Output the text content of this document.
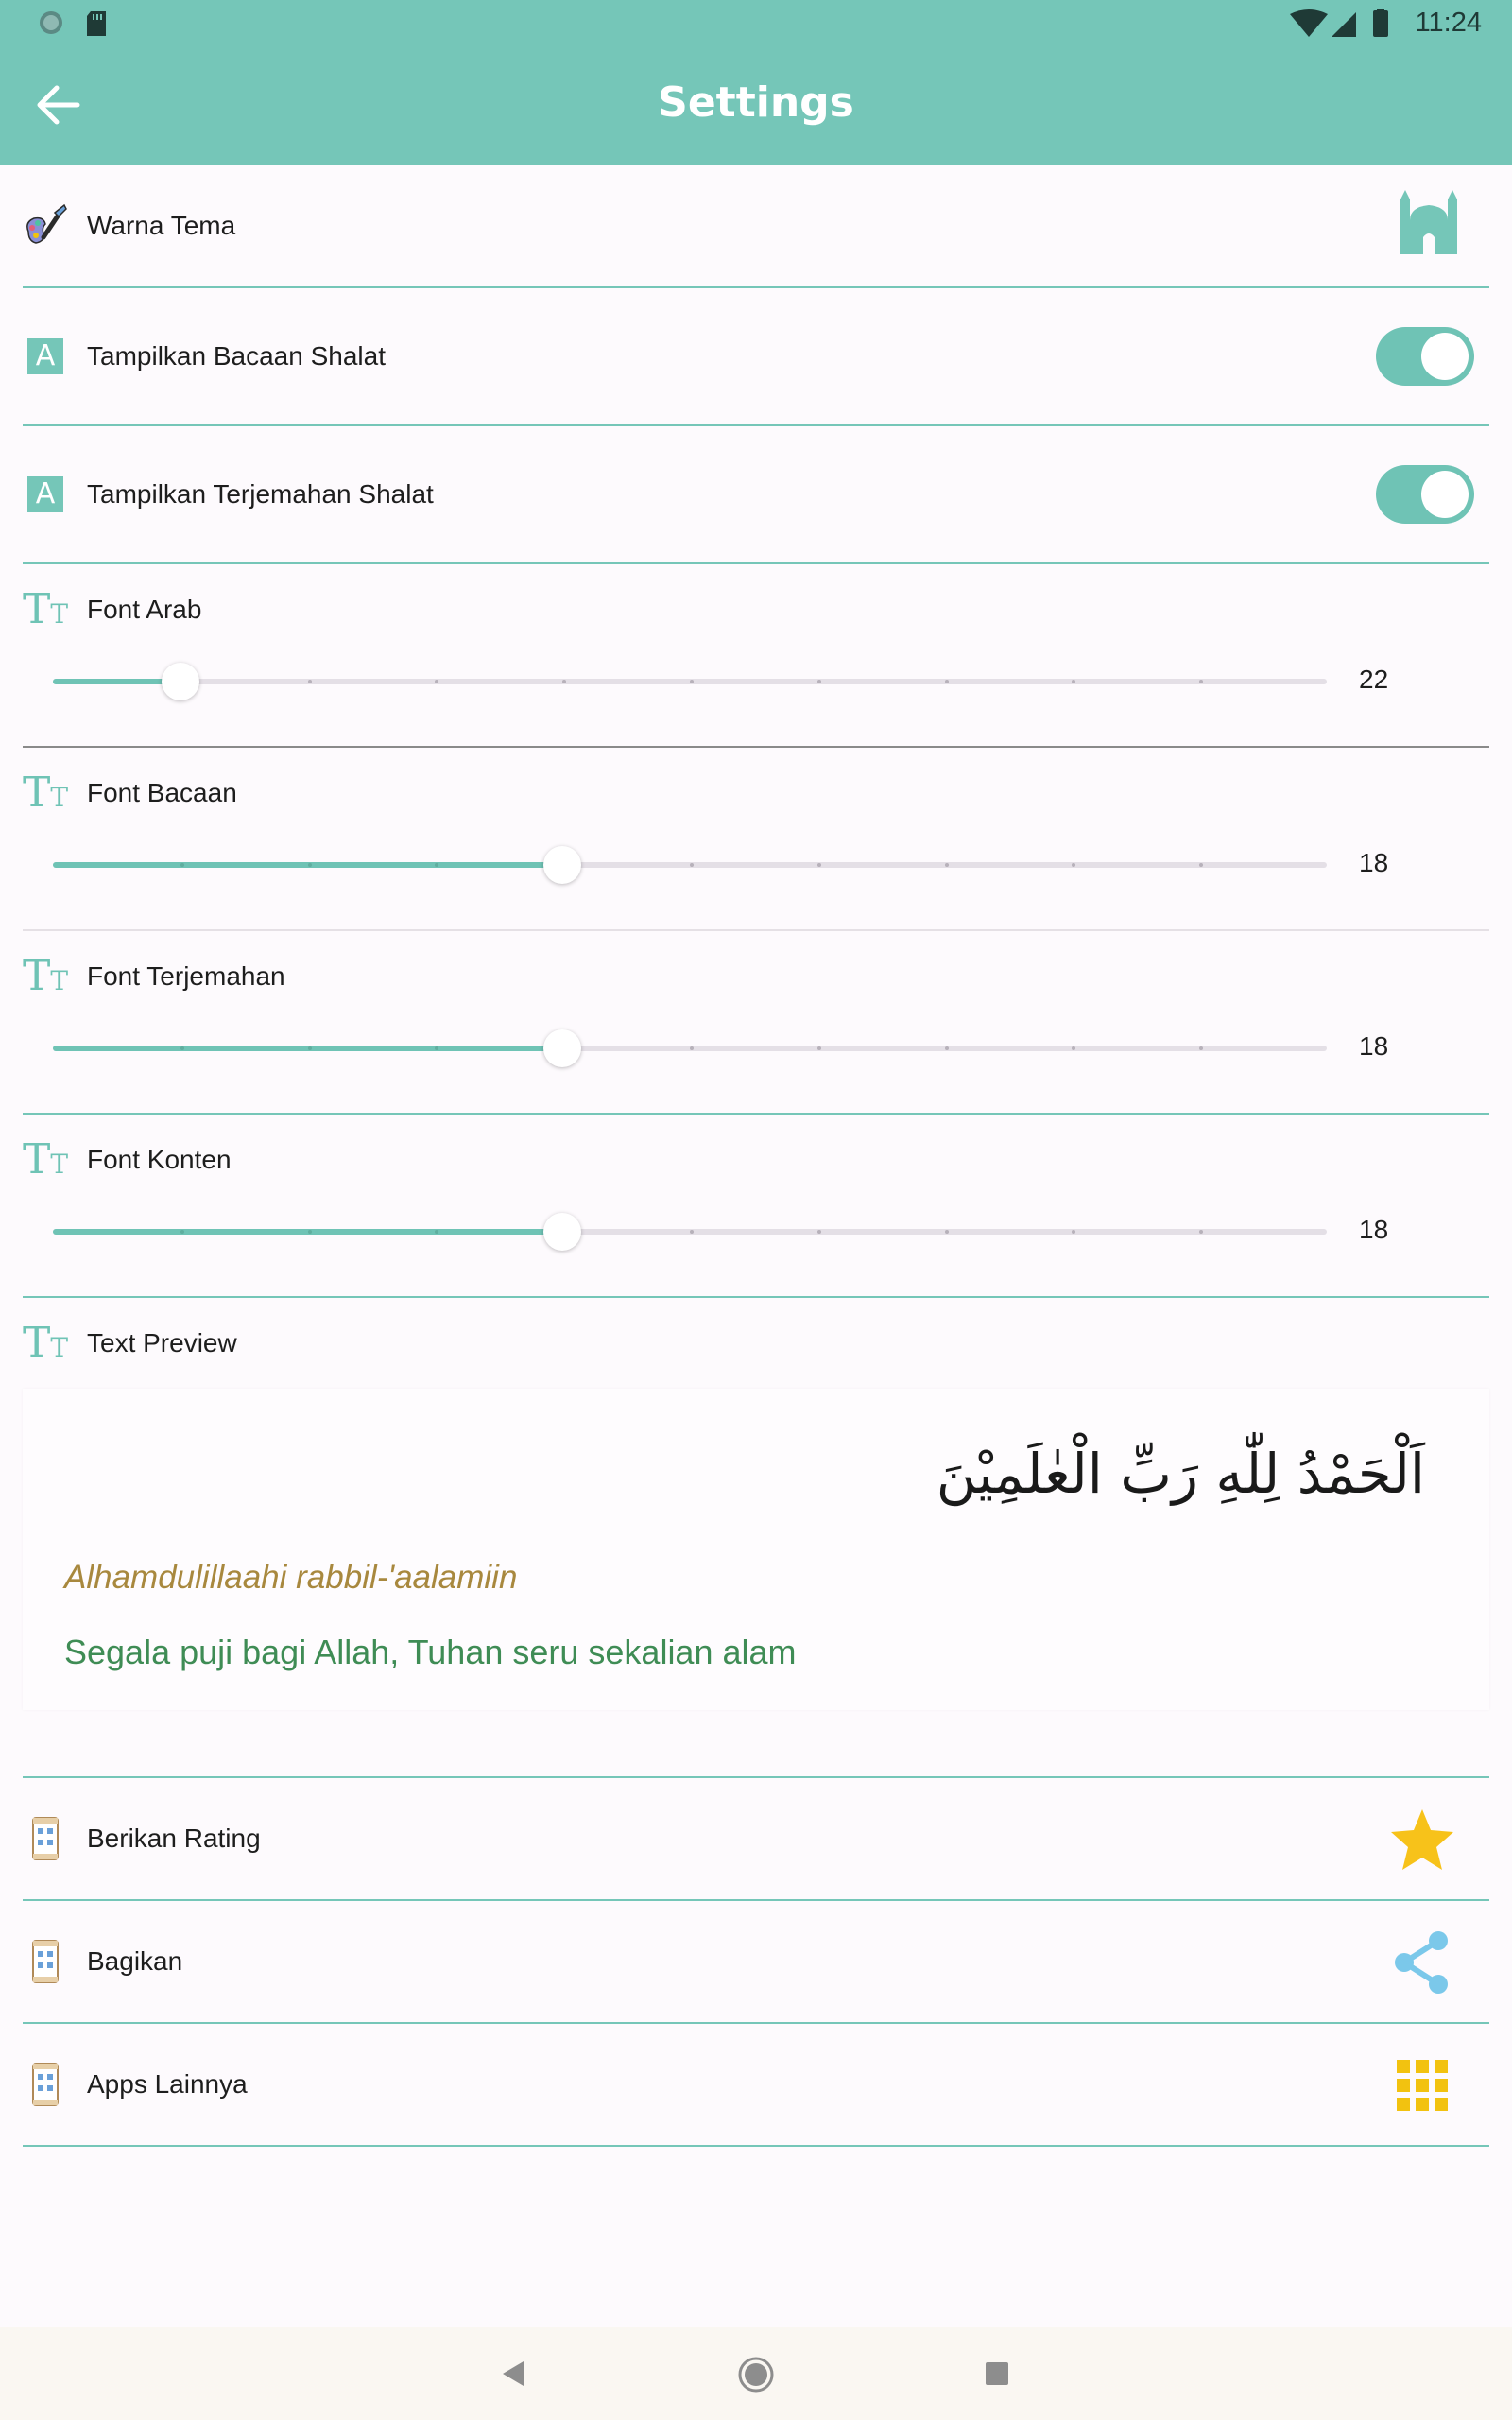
11:24
Settings
Warna Tema
A	Tampilkan Bacaan Shalat
A	Tampilkan Terjemahan Shalat
TT Font Arab
22
TT Font Bacaan
18
TT Font Terjemahan
18
TT Font Konten
18
TT Text Preview
اَلْحَمْدُ لِلّٰهِ رَبِّ الْعٰلَمِيْنَ
Alhamdulillaahi rabbil-'aalamiin
Segala puji bagi Allah, Tuhan seru sekalian alam
Berikan Rating
Bagikan
Apps Lainnya
